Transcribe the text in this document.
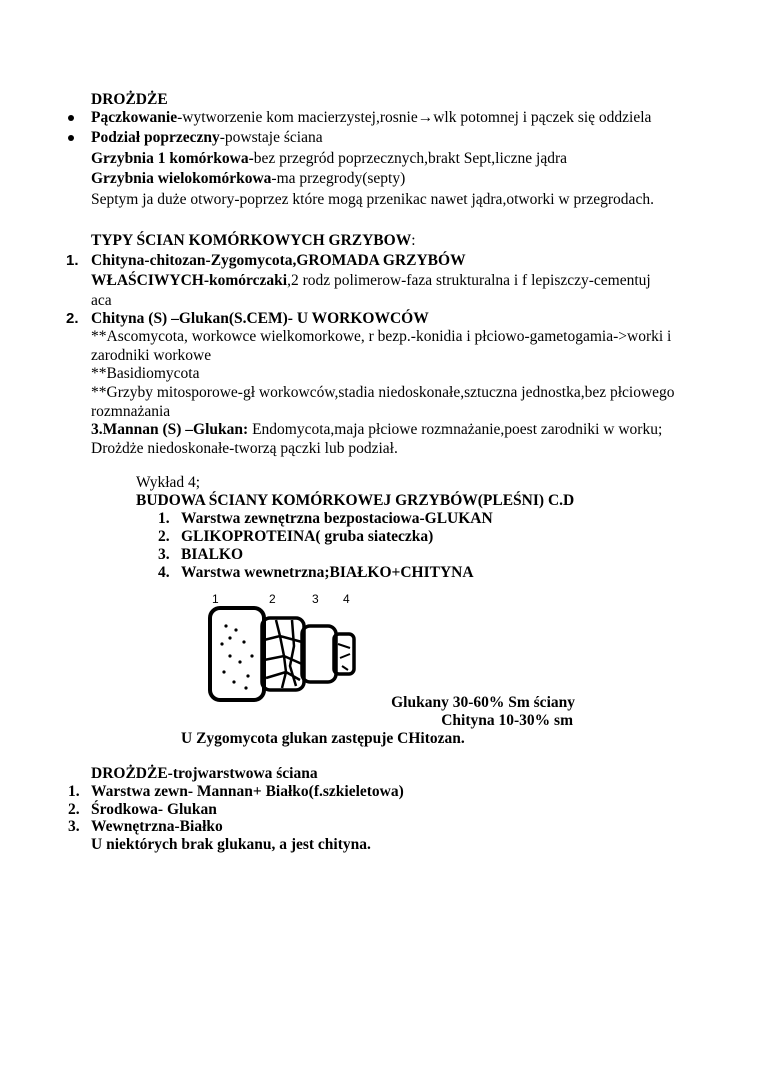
DROŻDŻE
Pączkowanie-wytworzenie kom macierzystej,rosnie→wlk potomnej i pączek się oddziela
Podział poprzeczny-powstaje ściana
Grzybnia 1 komórkowa-bez przegród poprzecznych,brakt Sept,liczne jądra
Grzybnia wielokomórkowa-ma przegrody(septy)
Septym ja duże otwory-poprzez które mogą przenikac nawet jądra,otworki w przegrodach.
TYPY ŚCIAN KOMÓRKOWYCH GRZYBOW:
1. Chityna-chitozan-Zygomycota,GROMADA GRZYBÓW
WŁAŚCIWYCH-komórczaki,2 rodz polimerow-faza strukturalna i f lepiszczy-cementuj
aca
2. Chityna (S) –Glukan(S.CEM)- U WORKOWCÓW
**Ascomycota, workowce wielkomorkowe, r bezp.-konidia i płciowo-gametogamia->worki i
zarodniki workowe
**Basidiomycota
**Grzyby mitosporowe-gł workowców,stadia niedoskonałe,sztuczna jednostka,bez płciowego
rozmnażania
3.Mannan (S) –Glukan: Endomycota,maja płciowe rozmnażanie,poest zarodniki w worku;
Drożdże niedoskonałe-tworzą pączki lub podział.
Wykład 4;
BUDOWA ŚCIANY KOMÓRKOWEJ GRZYBÓW(PLEŚNI) C.D
1. Warstwa zewnętrzna bezpostaciowa-GLUKAN
2. GLIKOPROTEINA( gruba siateczka)
3. BIALKO
4. Warstwa wewnetrzna;BIAŁKO+CHITYNA
1	2	3 4
Glukany 30-60% Sm ściany
Chityna 10-30% sm
U Zygomycota glukan zastępuje CHitozan.
DROŻDŻE-trojwarstwowa ściana
1. Warstwa zewn- Mannan+ Białko(f.szkieletowa)
2. Środkowa- Glukan
3. Wewnętrzna-Białko
U niektórych brak glukanu, a jest chityna.
